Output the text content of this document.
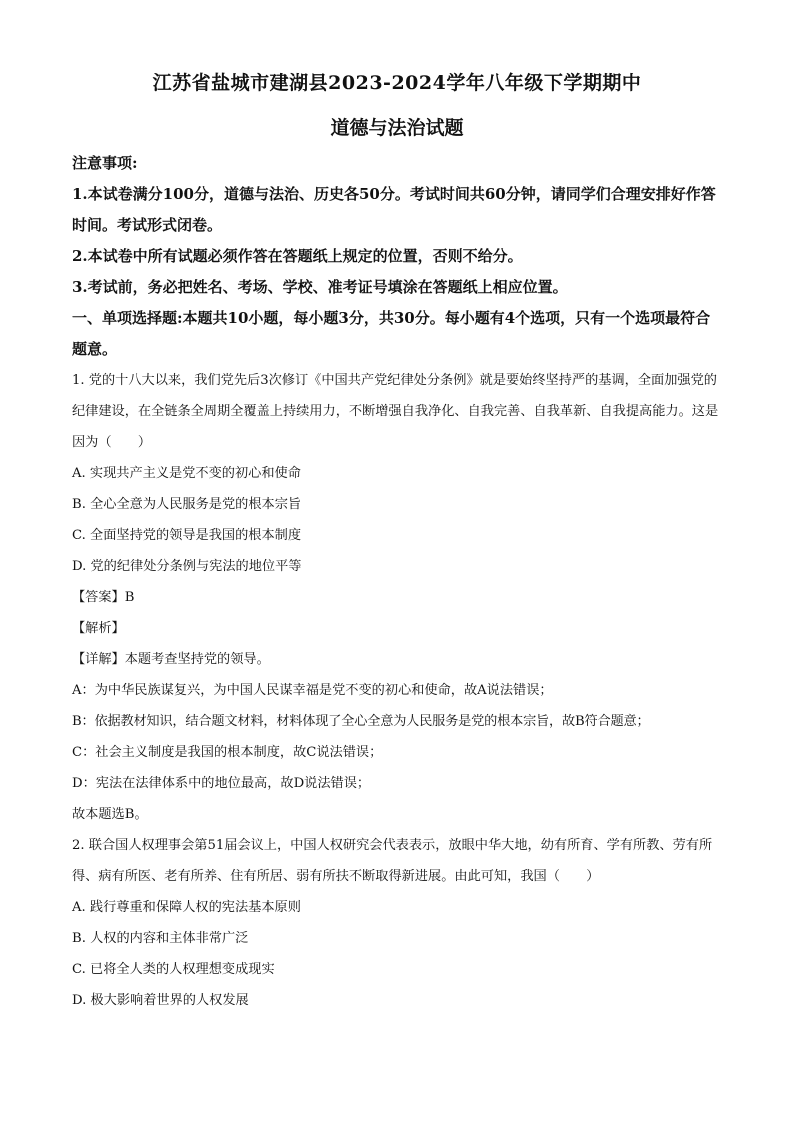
江苏省盐城市建湖县2023-2024学年八年级下学期期中
道德与法治试题

注意事项:

1.本试卷满分100分，道德与法治、历史各50分。考试时间共60分钟，请同学们合理安排好作答时间。考试形式闭卷。

2.本试卷中所有试题必须作答在答题纸上规定的位置，否则不给分。

3.考试前，务必把姓名、考场、学校、准考证号填涂在答题纸上相应位置。

一、单项选择题:本题共10小题，每小题3分，共30分。每小题有4个选项，只有一个选项最符合题意。

1. 党的十八大以来，我们党先后3次修订《中国共产党纪律处分条例》就是要始终坚持严的基调，全面加强党的纪律建设，在全链条全周期全覆盖上持续用力，不断增强自我净化、自我完善、自我革新、自我提高能力。这是因为（　　）

A. 实现共产主义是党不变的初心和使命

B. 全心全意为人民服务是党的根本宗旨

C. 全面坚持党的领导是我国的根本制度

D. 党的纪律处分条例与宪法的地位平等

【答案】B

【解析】

【详解】本题考查坚持党的领导。

A：为中华民族谋复兴，为中国人民谋幸福是党不变的初心和使命，故A说法错误；

B：依据教材知识，结合题文材料，材料体现了全心全意为人民服务是党的根本宗旨，故B符合题意；

C：社会主义制度是我国的根本制度，故C说法错误；

D：宪法在法律体系中的地位最高，故D说法错误；

故本题选B。

2. 联合国人权理事会第51届会议上，中国人权研究会代表表示，放眼中华大地，幼有所育、学有所教、劳有所得、病有所医、老有所养、住有所居、弱有所扶不断取得新进展。由此可知，我国（　　）

A. 践行尊重和保障人权的宪法基本原则

B. 人权的内容和主体非常广泛

C. 已将全人类的人权理想变成现实

D. 极大影响着世界的人权发展
